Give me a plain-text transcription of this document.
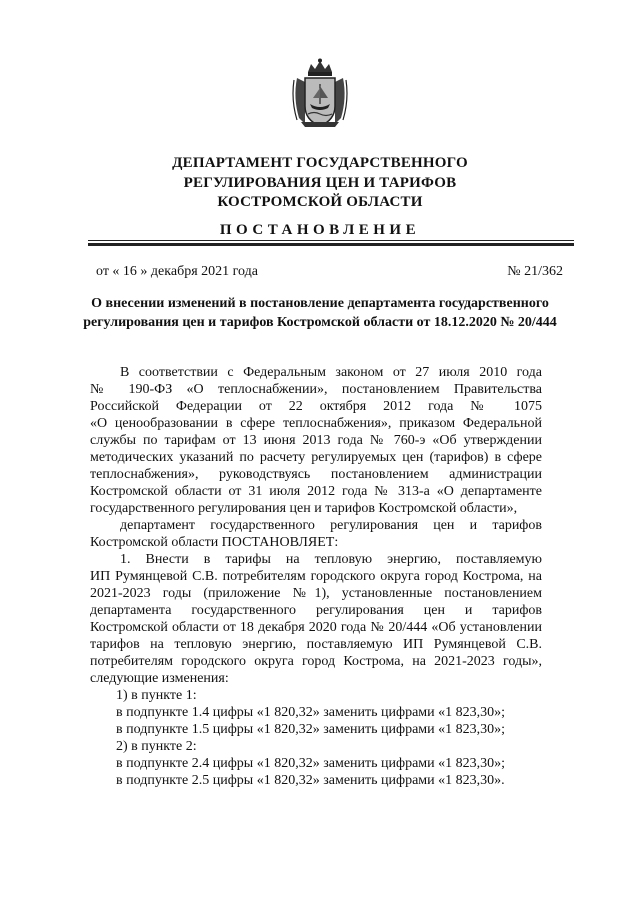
ДЕПАРТАМЕНТ ГОСУДАРСТВЕННОГО
РЕГУЛИРОВАНИЯ ЦЕН И ТАРИФОВ
КОСТРОМСКОЙ ОБЛАСТИ
ПОСТАНОВЛЕНИЕ
от « 16 » декабря 2021 года	№ 21/362
О внесении изменений в постановление департамента государственного
регулирования цен и тарифов Костромской области от 18.12.2020 № 20/444
В соответствии с Федеральным законом от 27 июля 2010 года
№ 190-ФЗ «О теплоснабжении», постановлением Правительства
Российской Федерации от 22 октября 2012 года № 1075
«О ценообразовании в сфере теплоснабжения», приказом Федеральной
службы по тарифам от 13 июня 2013 года № 760-э «Об утверждении
методических указаний по расчету регулируемых цен (тарифов) в сфере
теплоснабжения», руководствуясь постановлением администрации
Костромской области от 31 июля 2012 года № 313-а «О департаменте
государственного регулирования цен и тарифов Костромской области»,
департамент государственного регулирования цен и тарифов
Костромской области ПОСТАНОВЛЯЕТ:
1. Внести в тарифы на тепловую энергию, поставляемую
ИП Румянцевой С.В. потребителям городского округа город Кострома, на
2021-2023 годы (приложение №1), установленные постановлением
департамента государственного регулирования цен и тарифов
Костромской области от 18 декабря 2020 года № 20/444 «Об установлении
тарифов на тепловую энергию, поставляемую ИП Румянцевой С.В.
потребителям городского округа город Кострома, на 2021-2023 годы»,
следующие изменения:
1) в пункте 1:
в подпункте 1.4 цифры «1 820,32» заменить цифрами «1 823,30»;
в подпункте 1.5 цифры «1 820,32» заменить цифрами «1 823,30»;
2) в пункте 2:
в подпункте 2.4 цифры «1 820,32» заменить цифрами «1 823,30»;
в подпункте 2.5 цифры «1 820,32» заменить цифрами «1 823,30».
